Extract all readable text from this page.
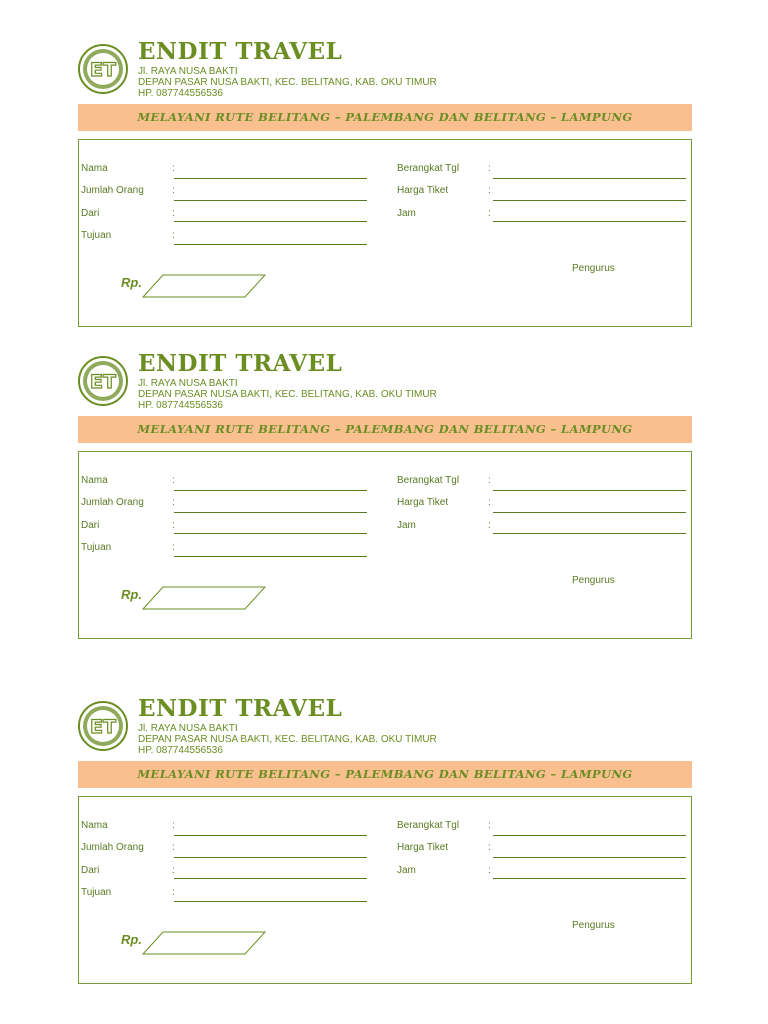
ET
ENDIT TRAVEL
Jl. RAYA NUSA BAKTI
DEPAN PASAR NUSA BAKTI, KEC. BELITANG, KAB. OKU TIMUR
HP. 087744556536
MELAYANI RUTE BELITANG – PALEMBANG DAN BELITANG – LAMPUNG
Nama	:
Jumlah Orang	:
Dari	:
Tujuan	:
Berangkat Tgl	:
Harga Tiket	:
Jam	:
Rp.
Pengurus
ET
ENDIT TRAVEL
Jl. RAYA NUSA BAKTI
DEPAN PASAR NUSA BAKTI, KEC. BELITANG, KAB. OKU TIMUR
HP. 087744556536
MELAYANI RUTE BELITANG – PALEMBANG DAN BELITANG – LAMPUNG
Nama	:
Jumlah Orang	:
Dari	:
Tujuan	:
Berangkat Tgl	:
Harga Tiket	:
Jam	:
Rp.
Pengurus
ET
ENDIT TRAVEL
Jl. RAYA NUSA BAKTI
DEPAN PASAR NUSA BAKTI, KEC. BELITANG, KAB. OKU TIMUR
HP. 087744556536
MELAYANI RUTE BELITANG – PALEMBANG DAN BELITANG – LAMPUNG
Nama	:
Jumlah Orang	:
Dari	:
Tujuan	:
Berangkat Tgl	:
Harga Tiket	:
Jam	:
Rp.
Pengurus
